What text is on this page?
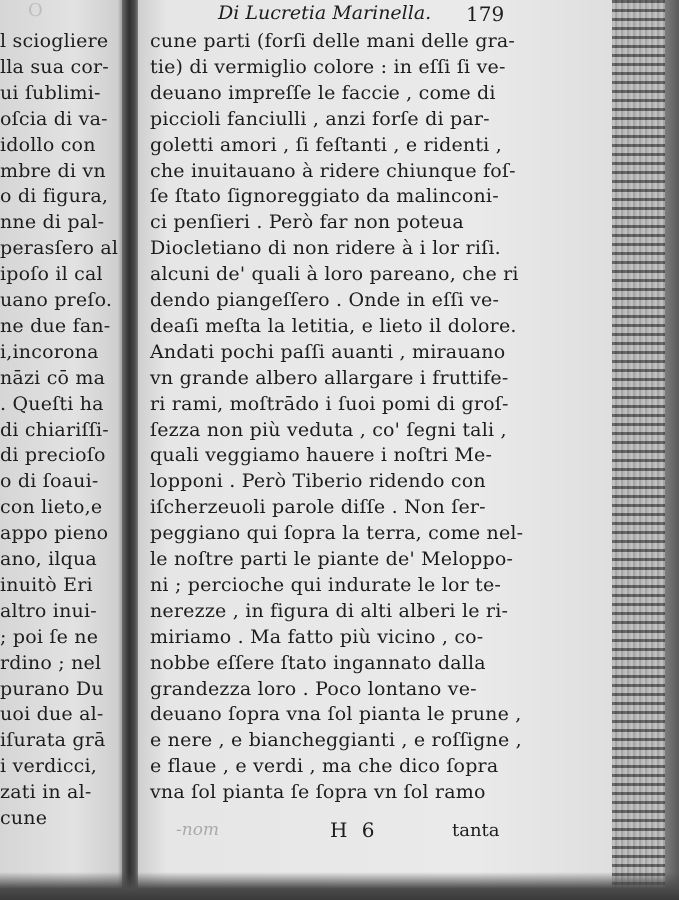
O
l sciogliere
lla sua cor-
ui ſublimi-
oſcia di va-
idollo con
mbre di vn
o di figura,
nne di pal-
perasſero al
ipoſo il cal
uano preſo.
ne due fan-
i,incorona
nāzi cō ma
. Queſti ha
di chiariſſi-
di precioſo
o di ſoaui-
con lieto,e
appo pieno
ano, ilqua
inuitò Eri
altro inui-
; poi ſe ne
rdino ; nel
purano Du
uoi due al-
iſurata grā
i verdicci,
zati in al-
cune
Di Lucretia Marinella. 179
cune parti (forſi delle mani delle gra-
tie) di vermiglio colore : in eſſi ſi ve-
deuano impreſſe le faccie , come di
piccioli fanciulli , anzi forſe di par-
goletti amori , ſi feſtanti , e ridenti ,
che inuitauano à ridere chiunque foſ-
ſe ſtato ſignoreggiato da malinconi-
ci penſieri . Però far non poteua
Diocletiano di non ridere à i lor riſi.
alcuni de' quali à loro pareano, che ri
dendo piangeſſero . Onde in eſſi ve-
deaſi meſta la letitia, e lieto il dolore.
Andati pochi paſſi auanti , mirauano
vn grande albero allargare i fruttife-
ri rami, moſtrādo i ſuoi pomi di groſ-
ſezza non più veduta , co' ſegni tali ,
quali veggiamo hauere i noſtri Me-
lopponi . Però Tiberio ridendo con
iſcherzeuoli parole diſſe . Non ſer-
peggiano qui ſopra la terra, come nel-
le noſtre parti le piante de' Meloppo-
ni ; percioche qui indurate le lor te-
nerezze , in figura di alti alberi le ri-
miriamo . Ma fatto più vicino , co-
nobbe eſſere ſtato ingannato dalla
grandezza loro . Poco lontano ve-
deuano ſopra vna ſol pianta le prune ,
e nere , e biancheggianti , e roſſigne ,
e flaue , e verdi , ma che dico ſopra
vna ſol pianta ſe ſopra vn ſol ramo
-nom	H 6	tanta
